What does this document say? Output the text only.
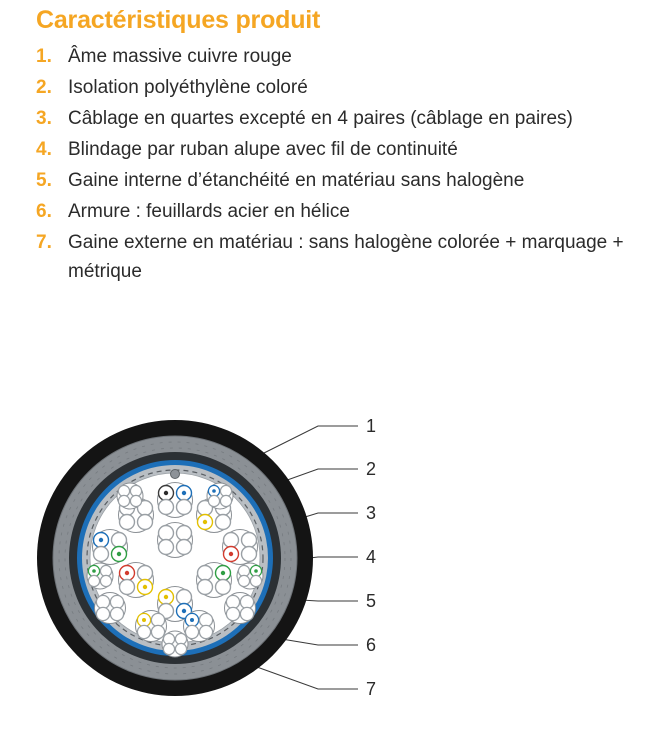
Caractéristiques produit
1. Âme massive cuivre rouge
2. Isolation polyéthylène coloré
3. Câblage en quartes excepté en 4 paires (câblage en paires)
4. Blindage par ruban alupe avec fil de continuité
5. Gaine interne d’étanchéité en matériau sans halogène
6. Armure : feuillards acier en hélice
7. Gaine externe en matériau : sans halogène colorée + marquage + métrique
1
2
3
4
5
6
7
